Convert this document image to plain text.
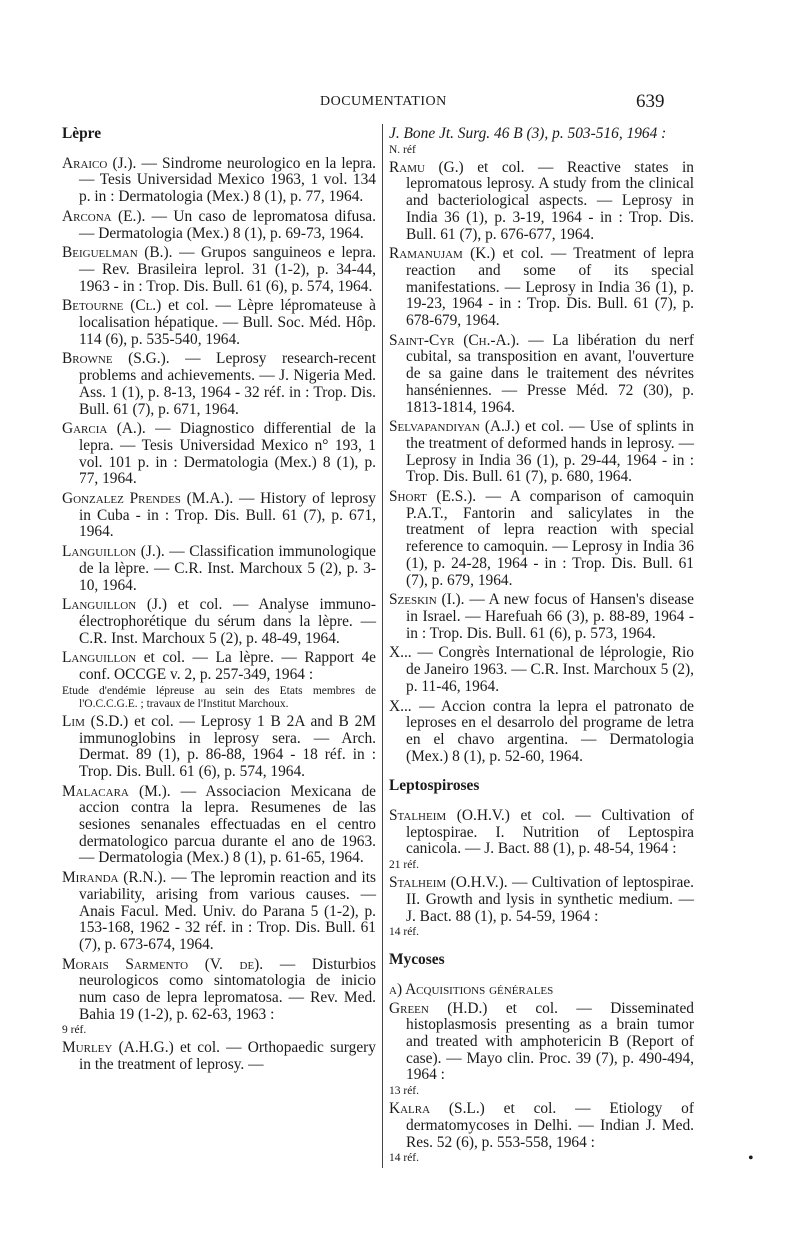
DOCUMENTATION	639
Lèpre
Araico (J.). — Sindrome neurologico en la lepra. — Tesis Universidad Mexico 1963, 1 vol. 134 p. in : Dermatologia (Mex.) 8 (1), p. 77, 1964.
Arcona (E.). — Un caso de lepromatosa difusa. — Dermatologia (Mex.) 8 (1), p. 69-73, 1964.
Beiguelman (B.). — Grupos sanguineos e lepra. — Rev. Brasileira leprol. 31 (1-2), p. 34-44, 1963 - in : Trop. Dis. Bull. 61 (6), p. 574, 1964.
Betourne (Cl.) et col. — Lèpre lépromateuse à localisation hépatique. — Bull. Soc. Méd. Hôp. 114 (6), p. 535-540, 1964.
Browne (S.G.). — Leprosy research-recent problems and achievements. — J. Nigeria Med. Ass. 1 (1), p. 8-13, 1964 - 32 réf. in : Trop. Dis. Bull. 61 (7), p. 671, 1964.
Garcia (A.). — Diagnostico differential de la lepra. — Tesis Universidad Mexico n° 193, 1 vol. 101 p. in : Dermatologia (Mex.) 8 (1), p. 77, 1964.
Gonzalez Prendes (M.A.). — History of leprosy in Cuba - in : Trop. Dis. Bull. 61 (7), p. 671, 1964.
Languillon (J.). — Classification immunologique de la lèpre. — C.R. Inst. Marchoux 5 (2), p. 3-10, 1964.
Languillon (J.) et col. — Analyse immuno-électrophorétique du sérum dans la lèpre. — C.R. Inst. Marchoux 5 (2), p. 48-49, 1964.
Languillon et col. — La lèpre. — Rapport 4e conf. OCCGE v. 2, p. 257-349, 1964 :
Etude d'endémie lépreuse au sein des Etats membres de l'O.C.C.G.E. ; travaux de l'Institut Marchoux.
Lim (S.D.) et col. — Leprosy 1 B 2A and B 2M immunoglobins in leprosy sera. — Arch. Dermat. 89 (1), p. 86-88, 1964 - 18 réf. in : Trop. Dis. Bull. 61 (6), p. 574, 1964.
Malacara (M.). — Associacion Mexicana de accion contra la lepra. Resumenes de las sesiones senanales effectuadas en el centro dermatologico parcua durante el ano de 1963. — Dermatologia (Mex.) 8 (1), p. 61-65, 1964.
Miranda (R.N.). — The lepromin reaction and its variability, arising from various causes. — Anais Facul. Med. Univ. do Parana 5 (1-2), p. 153-168, 1962 - 32 réf. in : Trop. Dis. Bull. 61 (7), p. 673-674, 1964.
Morais Sarmento (V. de). — Disturbios neurologicos como sintomatologia de inicio num caso de lepra lepromatosa. — Rev. Med. Bahia 19 (1-2), p. 62-63, 1963 :
9 réf.
Murley (A.H.G.) et col. — Orthopaedic surgery in the treatment of leprosy. —
J. Bone Jt. Surg. 46 B (3), p. 503-516, 1964 :
N. réf
Ramu (G.) et col. — Reactive states in lepromatous leprosy. A study from the clinical and bacteriological aspects. — Leprosy in India 36 (1), p. 3-19, 1964 - in : Trop. Dis. Bull. 61 (7), p. 676-677, 1964.
Ramanujam (K.) et col. — Treatment of lepra reaction and some of its special manifestations. — Leprosy in India 36 (1), p. 19-23, 1964 - in : Trop. Dis. Bull. 61 (7), p. 678-679, 1964.
Saint-Cyr (Ch.-A.). — La libération du nerf cubital, sa transposition en avant, l'ouverture de sa gaine dans le traitement des névrites hanséniennes. — Presse Méd. 72 (30), p. 1813-1814, 1964.
Selvapandiyan (A.J.) et col. — Use of splints in the treatment of deformed hands in leprosy. — Leprosy in India 36 (1), p. 29-44, 1964 - in : Trop. Dis. Bull. 61 (7), p. 680, 1964.
Short (E.S.). — A comparison of camoquin P.A.T., Fantorin and salicylates in the treatment of lepra reaction with special reference to camoquin. — Leprosy in India 36 (1), p. 24-28, 1964 - in : Trop. Dis. Bull. 61 (7), p. 679, 1964.
Szeskin (I.). — A new focus of Hansen's disease in Israel. — Harefuah 66 (3), p. 88-89, 1964 - in : Trop. Dis. Bull. 61 (6), p. 573, 1964.
X... — Congrès International de léprologie, Rio de Janeiro 1963. — C.R. Inst. Marchoux 5 (2), p. 11-46, 1964.
X... — Accion contra la lepra el patronato de leproses en el desarrolo del programe de letra en el chavo argentina. — Dermatologia (Mex.) 8 (1), p. 52-60, 1964.
Leptospiroses
Stalheim (O.H.V.) et col. — Cultivation of leptospirae. I. Nutrition of Leptospira canicola. — J. Bact. 88 (1), p. 48-54, 1964 :
21 réf.
Stalheim (O.H.V.). — Cultivation of leptospirae. II. Growth and lysis in synthetic medium. — J. Bact. 88 (1), p. 54-59, 1964 :
14 réf.
Mycoses
a) Acquisitions générales
Green (H.D.) et col. — Disseminated histoplasmosis presenting as a brain tumor and treated with amphotericin B (Report of case). — Mayo clin. Proc. 39 (7), p. 490-494, 1964 :
13 réf.
Kalra (S.L.) et col. — Etiology of dermatomycoses in Delhi. — Indian J. Med. Res. 52 (6), p. 553-558, 1964 :
14 réf.	•
